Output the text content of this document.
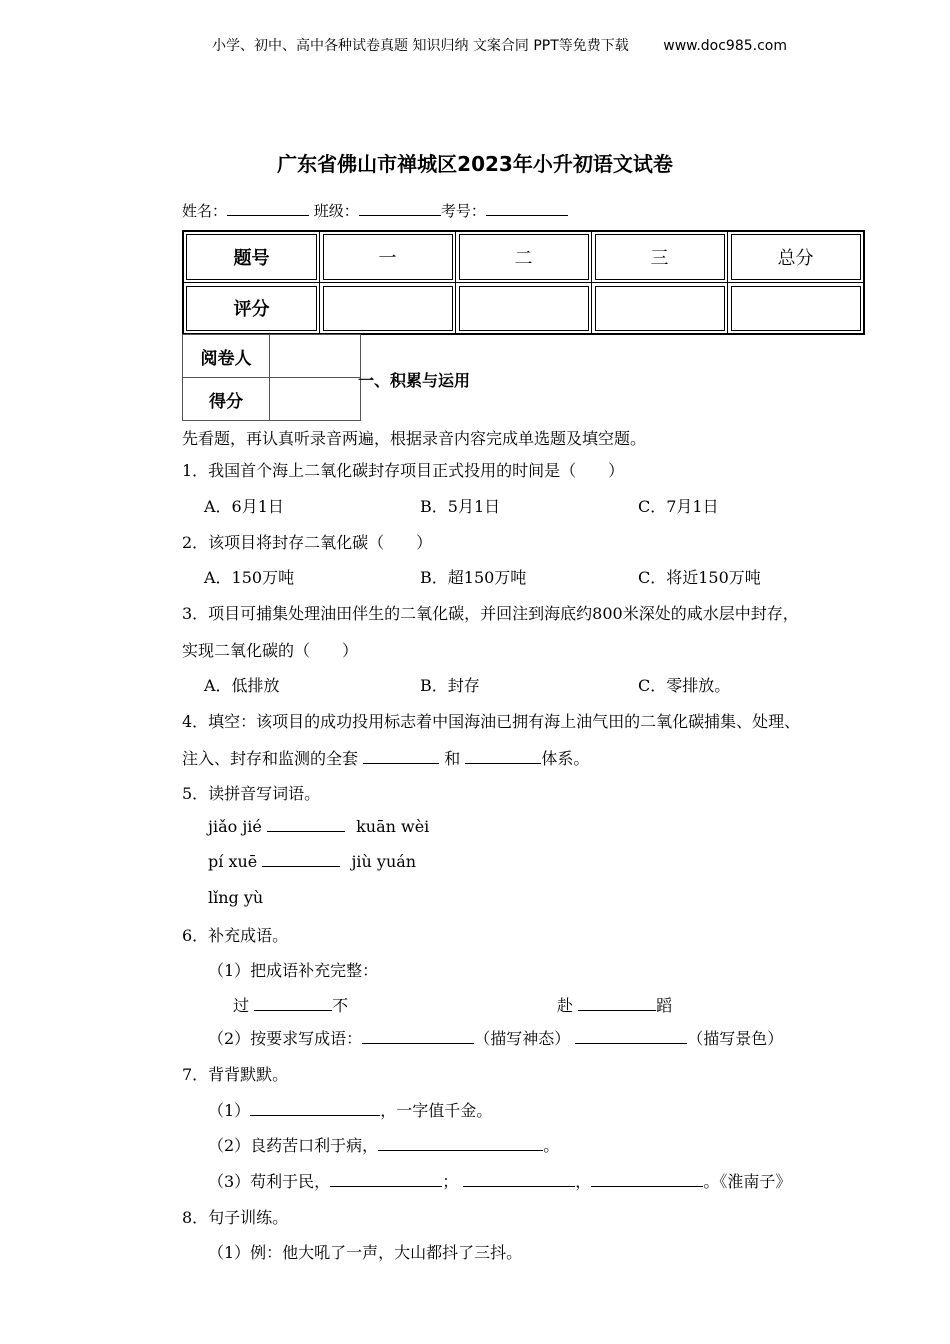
小学、初中、高中各种试卷真题 知识归纳 文案合同 PPT等免费下载 www.doc985.com
广东省佛山市禅城区2023年小升初语文试卷
姓名：	班级：	考号：
题号	一	二	三	总分
评分				
阅卷人	
得分	
一、积累与运用
先看题，再认真听录音两遍，根据录音内容完成单选题及填空题。
1．我国首个海上二氧化碳封存项目正式投用的时间是（　　）
A．6月1日	B．5月1日	C．7月1日
2．该项目将封存二氧化碳（　　）
A．150万吨	B．超150万吨	C．将近150万吨
3．项目可捕集处理油田伴生的二氧化碳，并回注到海底约800米深处的咸水层中封存，
实现二氧化碳的（　　）
A．低排放	B．封存	C．零排放。
4．填空：该项目的成功投用标志着中国海油已拥有海上油气田的二氧化碳捕集、处理、
注入、封存和监测的全套	和	体系。
5．读拼音写词语。
jiǎo jié	kuān wèi
pí xuē	jiù yuán
lǐng yù
6．补充成语。
（1）把成语补充完整：
过	不	赴	蹈
（2）按要求写成语：	（描写神态）	（描写景色）
7．背背默默。
（1）	，一字值千金。
（2）良药苦口利于病，	。
（3）苟利于民，	；	，	。《淮南子》
8．句子训练。
（1）例：他大吼了一声，大山都抖了三抖。
